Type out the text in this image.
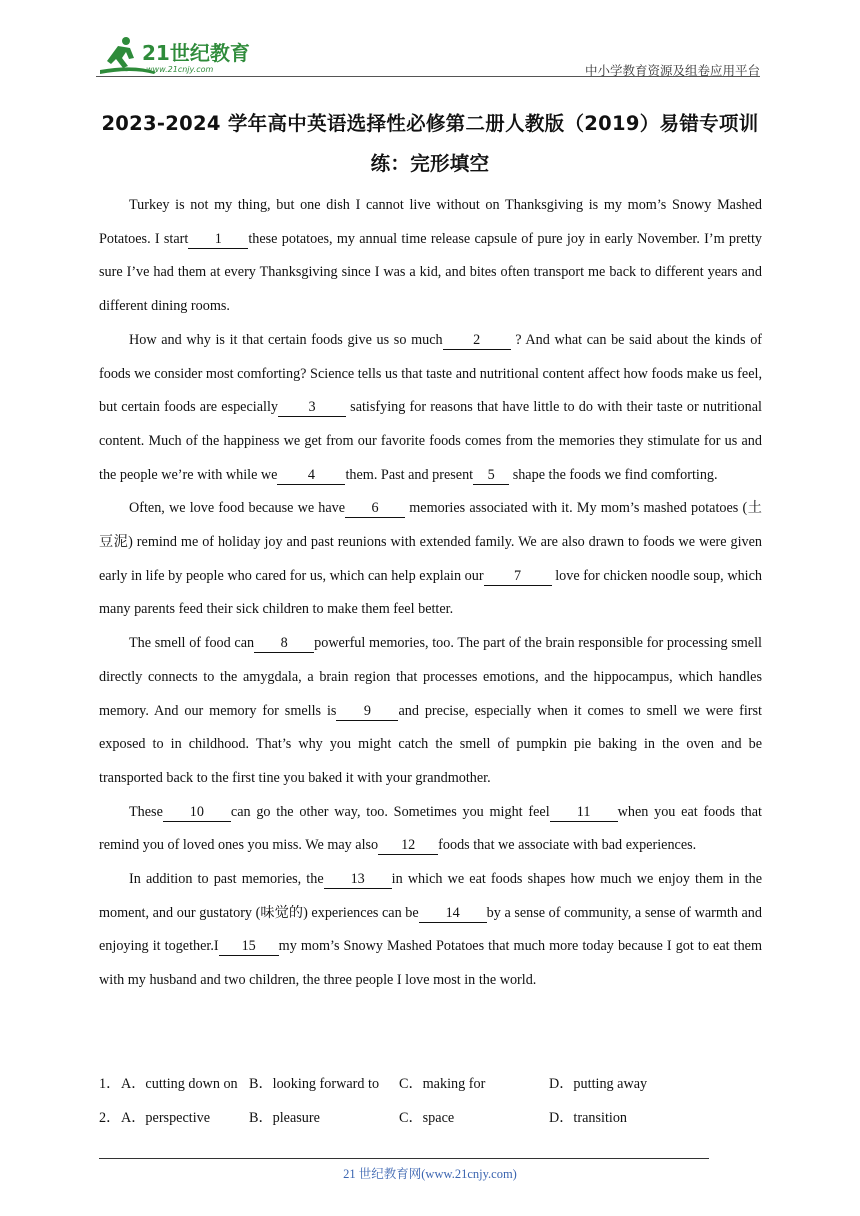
21世纪教育
www.21cnjy.com	中小学教育资源及组卷应用平台
2023-2024 学年高中英语选择性必修第二册人教版（2019）易错专项训
练：完形填空

Turkey is not my thing, but one dish I cannot live without on Thanksgiving is my mom’s Snowy Mashed Potatoes. I start 1 these potatoes, my annual time release capsule of pure joy in early November. I’m pretty sure I’ve had them at every Thanksgiving since I was a kid, and bites often transport me back to different years and different dining rooms.

How and why is it that certain foods give us so much 2 ? And what can be said about the kinds of foods we consider most comforting? Science tells us that taste and nutritional content affect how foods make us feel, but certain foods are especially 3 satisfying for reasons that have little to do with their taste or nutritional content. Much of the happiness we get from our favorite foods comes from the memories they stimulate for us and the people we’re with while we 4 them. Past and present 5 shape the foods we find comforting.

Often, we love food because we have 6 memories associated with it. My mom’s mashed potatoes (土豆泥) remind me of holiday joy and past reunions with extended family. We are also drawn to foods we were given early in life by people who cared for us, which can help explain our 7 love for chicken noodle soup, which many parents feed their sick children to make them feel better.

The smell of food can 8 powerful memories, too. The part of the brain responsible for processing smell directly connects to the amygdala, a brain region that processes emotions, and the hippocampus, which handles memory. And our memory for smells is 9 and precise, especially when it comes to smell we were first exposed to in childhood. That’s why you might catch the smell of pumpkin pie baking in the oven and be transported back to the first tine you baked it with your grandmother.

These 10 can go the other way, too. Sometimes you might feel 11 when you eat foods that remind you of loved ones you miss. We may also 12 foods that we associate with bad experiences.

In addition to past memories, the 13 in which we eat foods shapes how much we enjoy them in the moment, and our gustatory (味觉的) experiences can be 14 by a sense of community, a sense of warmth and enjoying it together.I 15 my mom’s Snowy Mashed Potatoes that much more today because I got to eat them with my husband and two children, the three people I love most in the world.

1． A．cutting down on B．looking forward to C．making for	D．putting away
2． A．perspective	B．pleasure	C．space	D．transition
21 世纪教育网(www.21cnjy.com)
